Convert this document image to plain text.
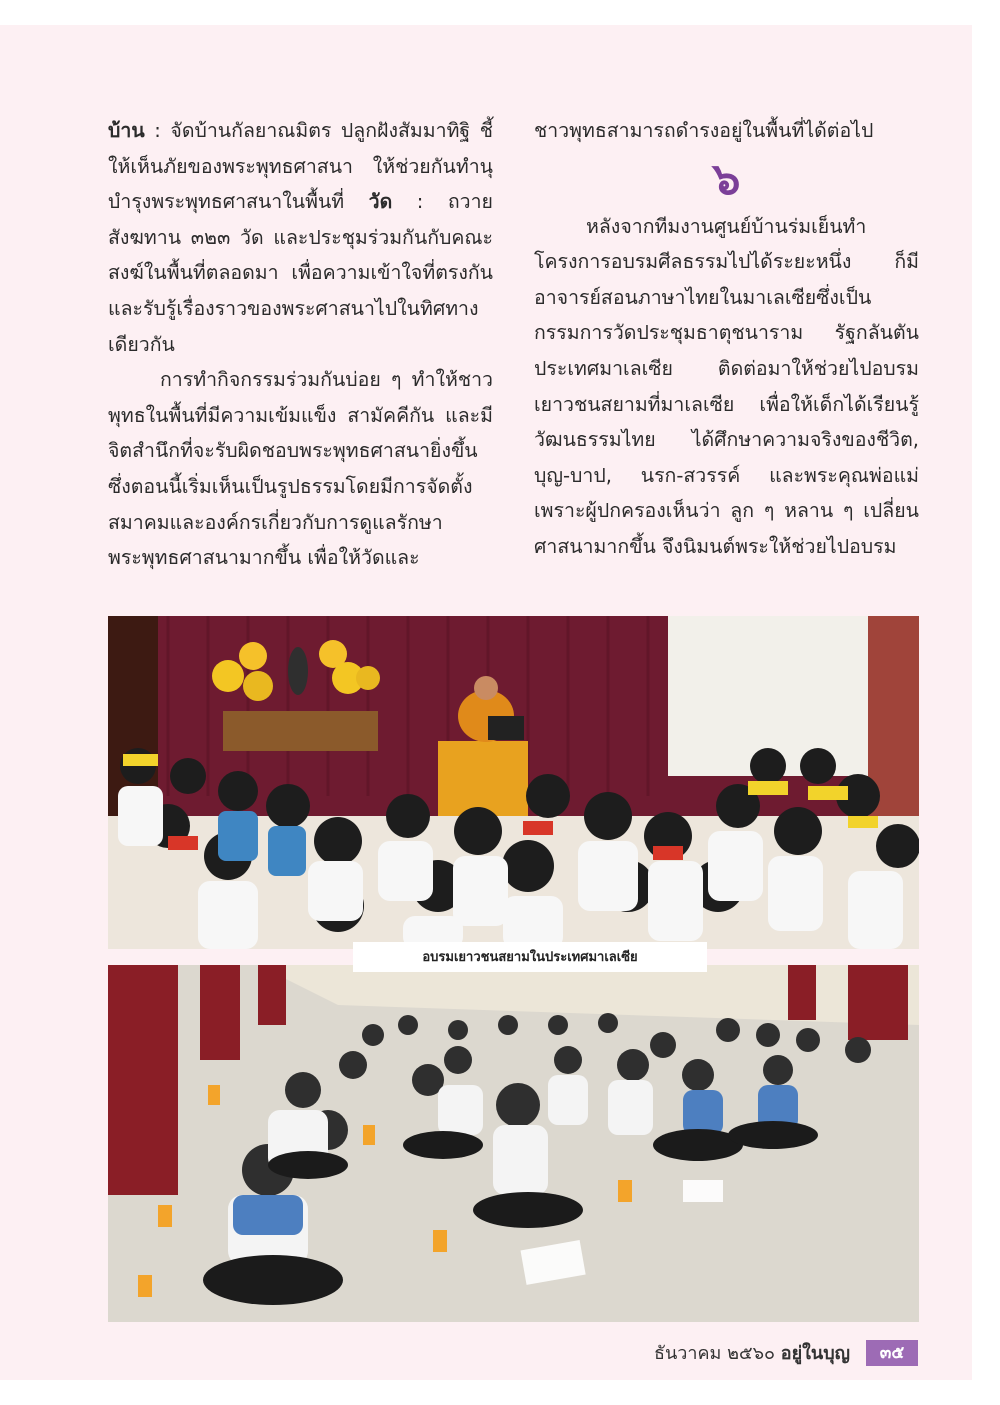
บ้าน : จัดบ้านกัลยาณมิตร ปลูกฝังสัมมาทิฐิ ชี้ให้เห็นภัยของพระพุทธศาสนา ให้ช่วยกันทำนุบำรุงพระพุทธศาสนาในพื้นที่ วัด : ถวายสังฆทาน ๓๒๓ วัด และประชุมร่วมกันกับคณะสงฆ์ในพื้นที่ตลอดมา เพื่อความเข้าใจที่ตรงกัน และรับรู้เรื่องราวของพระศาสนาไปในทิศทางเดียวกัน

การทำกิจกรรมร่วมกันบ่อย ๆ ทำให้ชาวพุทธในพื้นที่มีความเข้มแข็ง สามัคคีกัน และมีจิตสำนึกที่จะรับผิดชอบพระพุทธศาสนายิ่งขึ้น ซึ่งตอนนี้เริ่มเห็นเป็นรูปธรรมโดยมีการจัดตั้งสมาคมและองค์กรเกี่ยวกับการดูแลรักษาพระพุทธศาสนามากขึ้น เพื่อให้วัดและ

ชาวพุทธสามารถดำรงอยู่ในพื้นที่ได้ต่อไป

๖

หลังจากทีมงานศูนย์บ้านร่มเย็นทำโครงการอบรมศีลธรรมไปได้ระยะหนึ่ง ก็มีอาจารย์สอนภาษาไทยในมาเลเซียซึ่งเป็นกรรมการวัดประชุมธาตุชนาราม รัฐกลันตัน ประเทศมาเลเซีย ติดต่อมาให้ช่วยไปอบรมเยาวชนสยามที่มาเลเซีย เพื่อให้เด็กได้เรียนรู้วัฒนธรรมไทย ได้ศึกษาความจริงของชีวิต, บุญ-บาป, นรก-สวรรค์ และพระคุณพ่อแม่ เพราะผู้ปกครองเห็นว่า ลูก ๆ หลาน ๆ เปลี่ยนศาสนามากขึ้น จึงนิมนต์พระให้ช่วยไปอบรม

อบรมเยาวชนสยามในประเทศมาเลเซีย
ธันวาคม ๒๕๖๐ อยู่ในบุญ	๓๕
